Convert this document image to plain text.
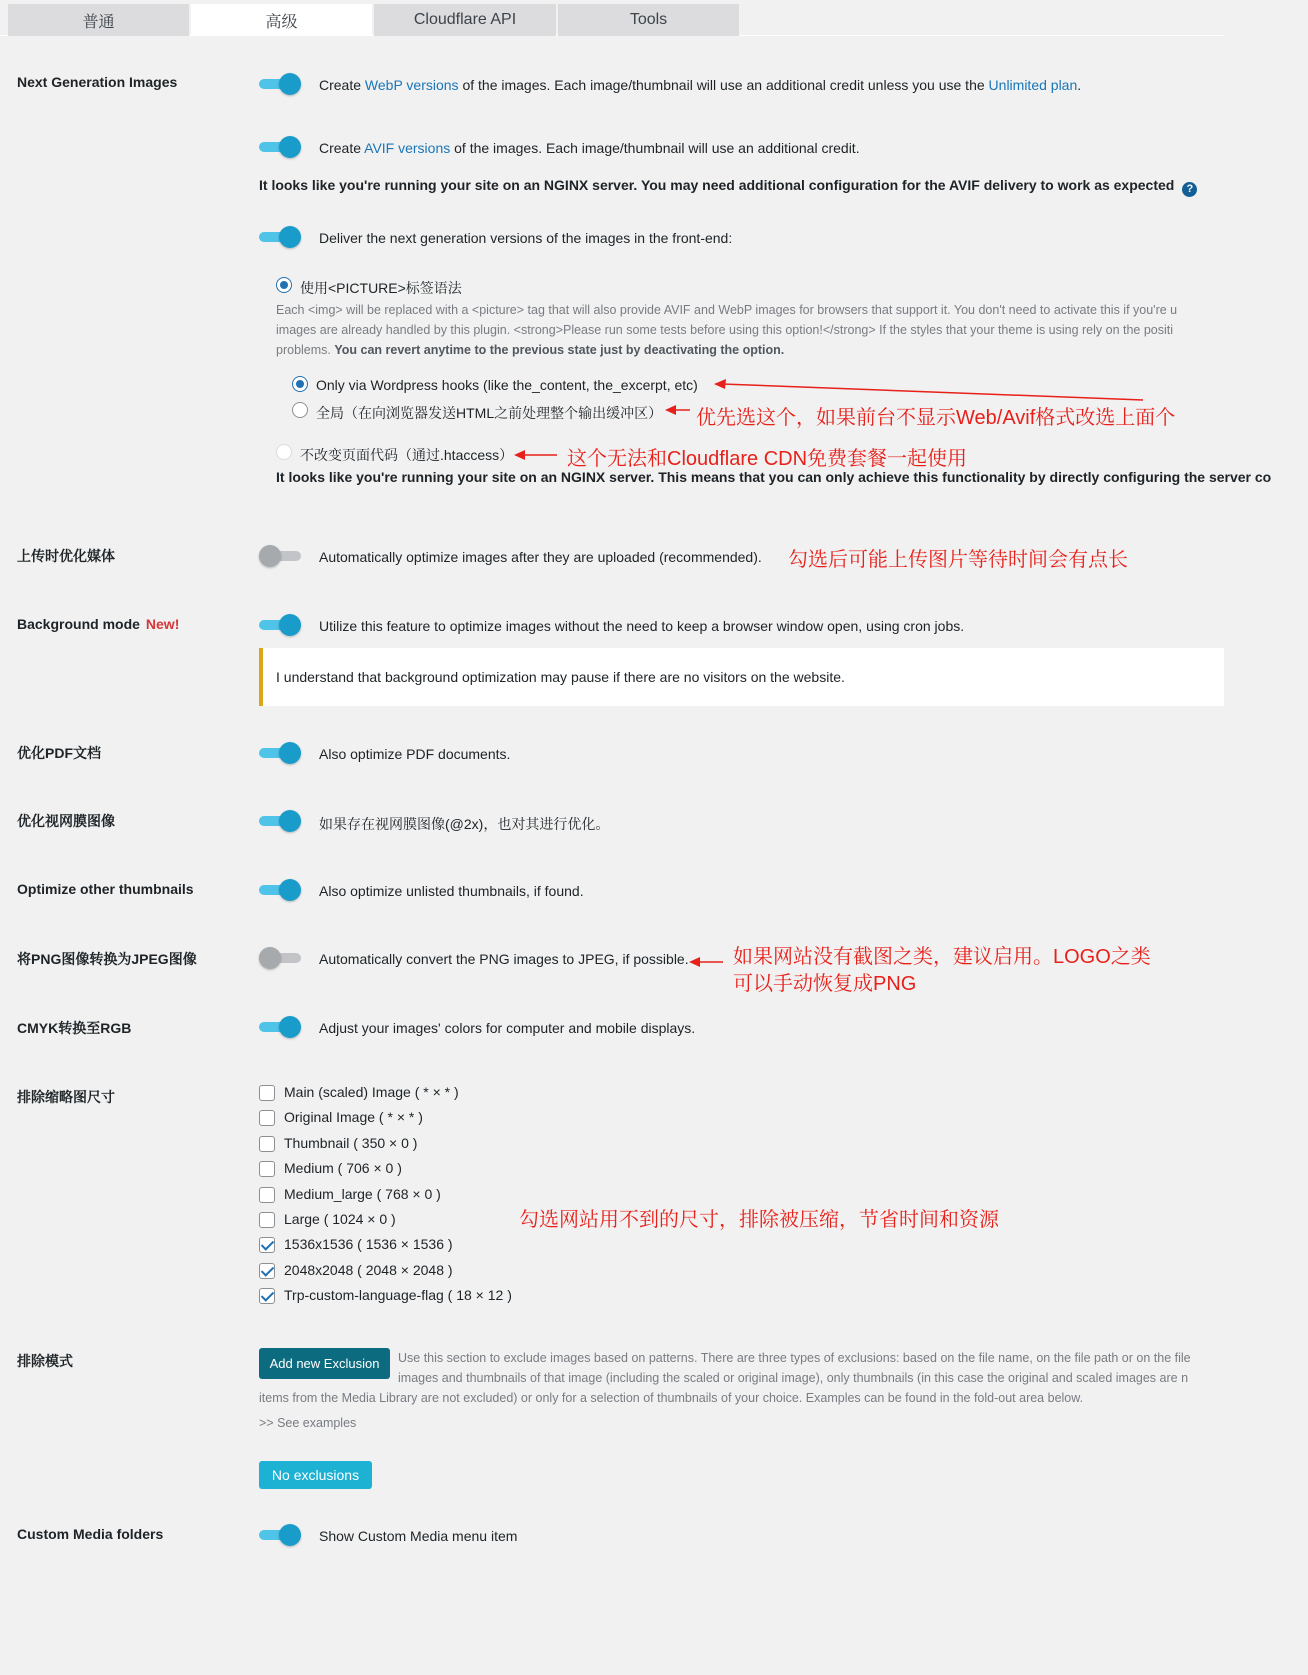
普通	高级	Cloudflare API	Tools
Next Generation Images	Create WebP versions of the images. Each image/thumbnail will use an additional credit unless you use the Unlimited plan.
Create AVIF versions of the images. Each image/thumbnail will use an additional credit.
It looks like you're running your site on an NGINX server. You may need additional configuration for the AVIF delivery to work as expected ?
Deliver the next generation versions of the images in the front-end:
使用<PICTURE>标签语法
Each <img> will be replaced with a <picture> tag that will also provide AVIF and WebP images for browsers that support it. You don't need to activate this if you're u
images are already handled by this plugin. <strong>Please run some tests before using this option!</strong> If the styles that your theme is using rely on the positi
problems. You can revert anytime to the previous state just by deactivating the option.
Only via Wordpress hooks (like the_content, the_excerpt, etc)
全局（在向浏览器发送HTML之前处理整个输出缓冲区）
不改变页面代码（通过.htaccess）
It looks like you're running your site on an NGINX server. This means that you can only achieve this functionality by directly configuring the server co
上传时优化媒体	Automatically optimize images after they are uploaded (recommended).
Background mode New!	Utilize this feature to optimize images without the need to keep a browser window open, using cron jobs.
I understand that background optimization may pause if there are no visitors on the website.
优化PDF文档	Also optimize PDF documents.
优化视网膜图像	如果存在视网膜图像(@2x)，也对其进行优化。
Optimize other thumbnails	Also optimize unlisted thumbnails, if found.
将PNG图像转换为JPEG图像	Automatically convert the PNG images to JPEG, if possible.
CMYK转换至RGB	Adjust your images' colors for computer and mobile displays.
排除缩略图尺寸	Main (scaled) Image ( * × * )
Original Image ( * × * )
Thumbnail ( 350 × 0 )
Medium ( 706 × 0 )
Medium_large ( 768 × 0 )
Large ( 1024 × 0 )
1536x1536 ( 1536 × 1536 )
2048x2048 ( 2048 × 2048 )
Trp-custom-language-flag ( 18 × 12 )
排除模式	Add new Exclusion	Use this section to exclude images based on patterns. There are three types of exclusions: based on the file name, on the file path or on the file
images and thumbnails of that image (including the scaled or original image), only thumbnails (in this case the original and scaled images are n
items from the Media Library are not excluded) or only for a selection of thumbnails of your choice. Examples can be found in the fold-out area below.
>> See examples
No exclusions
Custom Media folders	Show Custom Media menu item
优先选这个，如果前台不显示Web/Avif格式改选上面个
这个无法和Cloudflare CDN免费套餐一起使用
勾选后可能上传图片等待时间会有点长
如果网站没有截图之类，建议启用。LOGO之类
可以手动恢复成PNG
勾选网站用不到的尺寸，排除被压缩，节省时间和资源
